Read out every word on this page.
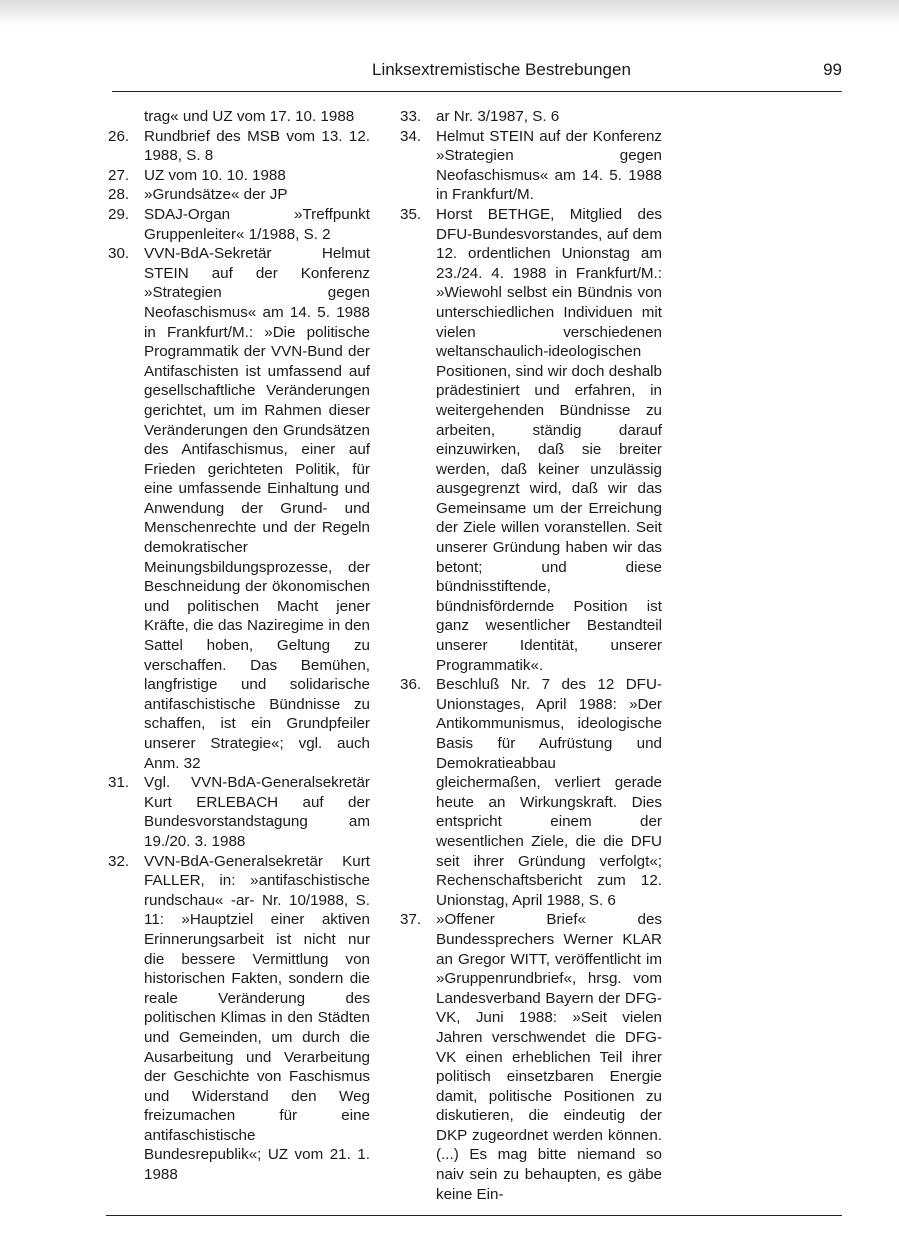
Linksextremistische Bestrebungen	99
trag« und UZ vom 17. 10. 1988
26. Rundbrief des MSB vom 13. 12. 1988, S. 8
27. UZ vom 10. 10. 1988
28. »Grundsätze« der JP
29. SDAJ-Organ »Treffpunkt Gruppenleiter« 1/1988, S. 2
30. VVN-BdA-Sekretär Helmut STEIN auf der Konferenz »Strategien gegen Neofaschismus« am 14. 5. 1988 in Frankfurt/M.: »Die politische Programmatik der VVN-Bund der Antifaschisten ist umfassend auf gesellschaftliche Veränderungen gerichtet, um im Rahmen dieser Veränderungen den Grundsätzen des Antifaschismus, einer auf Frieden gerichteten Politik, für eine umfassende Einhaltung und Anwendung der Grund- und Menschenrechte und der Regeln demokratischer Meinungsbildungsprozesse, der Beschneidung der ökonomischen und politischen Macht jener Kräfte, die das Naziregime in den Sattel hoben, Geltung zu verschaffen. Das Bemühen, langfristige und solidarische antifaschistische Bündnisse zu schaffen, ist ein Grundpfeiler unserer Strategie«; vgl. auch Anm. 32
31. Vgl. VVN-BdA-Generalsekretär Kurt ERLEBACH auf der Bundesvorstandstagung am 19./20. 3. 1988
32. VVN-BdA-Generalsekretär Kurt FALLER, in: »antifaschistische rundschau« -ar- Nr. 10/1988, S. 11: »Hauptziel einer aktiven Erinnerungsarbeit ist nicht nur die bessere Vermittlung von historischen Fakten, sondern die reale Veränderung des politischen Klimas in den Städten und Gemeinden, um durch die Ausarbeitung und Verarbeitung der Geschichte von Faschismus und Widerstand den Weg freizumachen für eine antifaschistische Bundesrepublik«; UZ vom 21. 1. 1988
33. ar Nr. 3/1987, S. 6
34. Helmut STEIN auf der Konferenz »Strategien gegen Neofaschismus« am 14. 5. 1988 in Frankfurt/M.
35. Horst BETHGE, Mitglied des DFU-Bundesvorstandes, auf dem 12. ordentlichen Unionstag am 23./24. 4. 1988 in Frankfurt/M.: »Wiewohl selbst ein Bündnis von unterschiedlichen Individuen mit vielen verschiedenen weltanschaulich-ideologischen Positionen, sind wir doch deshalb prädestiniert und erfahren, in weitergehenden Bündnisse zu arbeiten, ständig darauf einzuwirken, daß sie breiter werden, daß keiner unzulässig ausgegrenzt wird, daß wir das Gemeinsame um der Erreichung der Ziele willen voranstellen. Seit unserer Gründung haben wir das betont; und diese bündnisstiftende, bündnisfördernde Position ist ganz wesentlicher Bestandteil unserer Identität, unserer Programmatik«.
36. Beschluß Nr. 7 des 12 DFU-Unionstages, April 1988: »Der Antikommunismus, ideologische Basis für Aufrüstung und Demokratieabbau gleichermaßen, verliert gerade heute an Wirkungskraft. Dies entspricht einem der wesentlichen Ziele, die die DFU seit ihrer Gründung verfolgt«; Rechenschaftsbericht zum 12. Unionstag, April 1988, S. 6
37. »Offener Brief« des Bundessprechers Werner KLAR an Gregor WITT, veröffentlicht im »Gruppenrundbrief«, hrsg. vom Landesverband Bayern der DFG-VK, Juni 1988: »Seit vielen Jahren verschwendet die DFG-VK einen erheblichen Teil ihrer politisch einsetzbaren Energie damit, politische Positionen zu diskutieren, die eindeutig der DKP zugeordnet werden können. (...) Es mag bitte niemand so naiv sein zu behaupten, es gäbe keine Ein-
